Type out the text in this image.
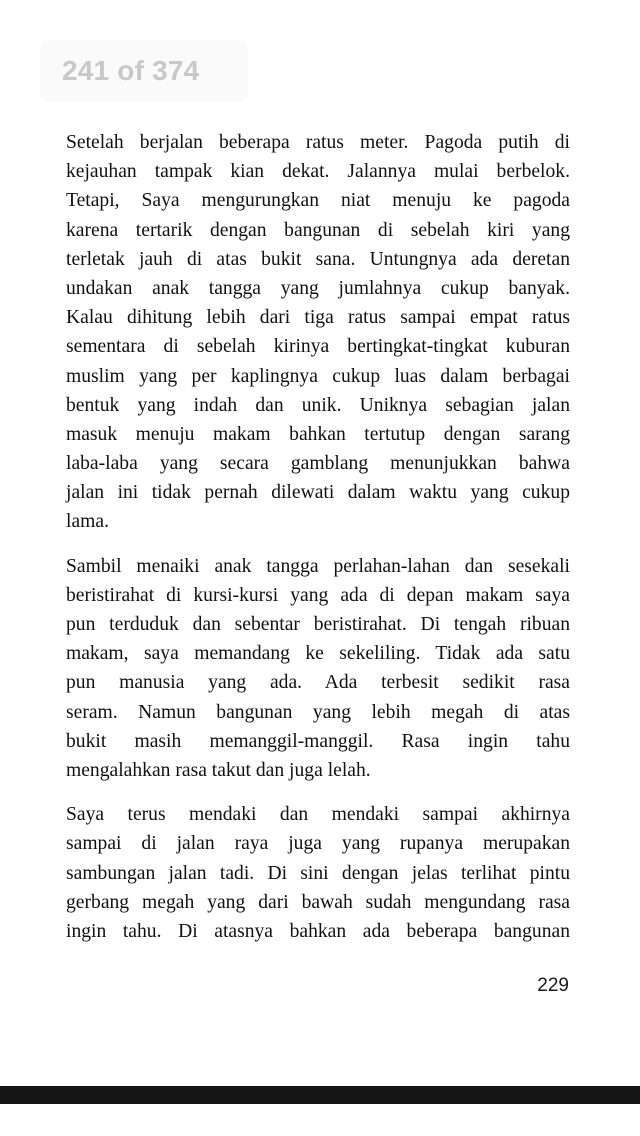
241 of 374
Setelah berjalan beberapa ratus meter. Pagoda putih di
kejauhan tampak kian dekat. Jalannya mulai berbelok.
Tetapi, Saya mengurungkan niat menuju ke pagoda
karena tertarik dengan bangunan di sebelah kiri yang
terletak jauh di atas bukit sana. Untungnya ada deretan
undakan anak tangga yang jumlahnya cukup banyak.
Kalau dihitung lebih dari tiga ratus sampai empat ratus
sementara di sebelah kirinya bertingkat-tingkat kuburan
muslim yang per kaplingnya cukup luas dalam berbagai
bentuk yang indah dan unik. Uniknya sebagian jalan
masuk menuju makam bahkan tertutup dengan sarang
laba-laba yang secara gamblang menunjukkan bahwa
jalan ini tidak pernah dilewati dalam waktu yang cukup
lama.
Sambil menaiki anak tangga perlahan-lahan dan sesekali
beristirahat di kursi-kursi yang ada di depan makam saya
pun terduduk dan sebentar beristirahat. Di tengah ribuan
makam, saya memandang ke sekeliling. Tidak ada satu
pun manusia yang ada. Ada terbesit sedikit rasa
seram. Namun bangunan yang lebih megah di atas
bukit masih memanggil-manggil. Rasa ingin tahu
mengalahkan rasa takut dan juga lelah.
Saya terus mendaki dan mendaki sampai akhirnya
sampai di jalan raya juga yang rupanya merupakan
sambungan jalan tadi. Di sini dengan jelas terlihat pintu
gerbang megah yang dari bawah sudah mengundang rasa
ingin tahu. Di atasnya bahkan ada beberapa bangunan
229
